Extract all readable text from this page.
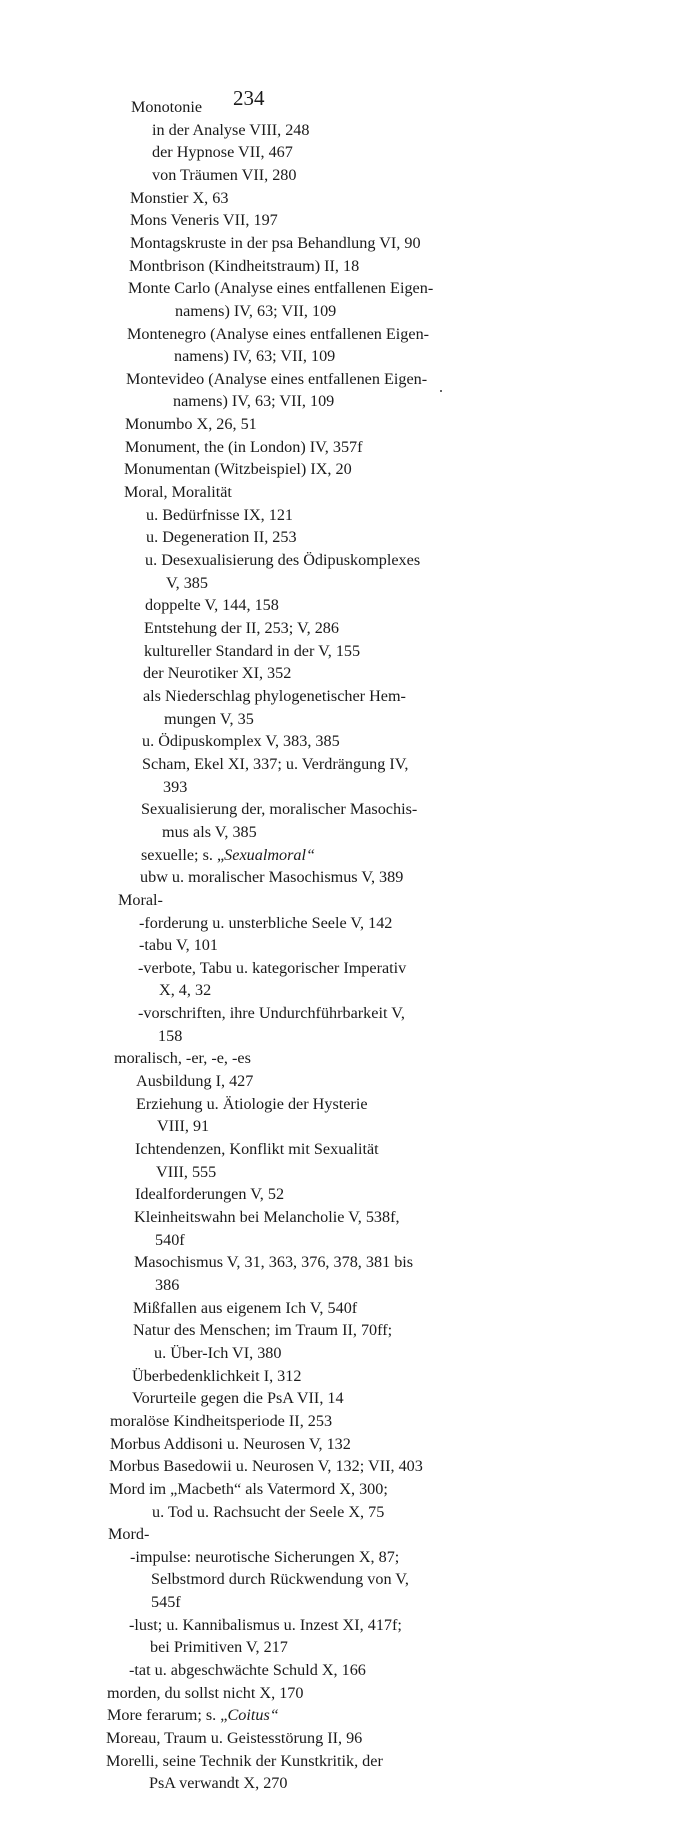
234
Monotonie
in der Analyse VIII, 248
der Hypnose VII, 467
von Träumen VII, 280
Monstier X, 63
Mons Veneris VII, 197
Montagskruste in der psa Behandlung VI, 90
Montbrison (Kindheitstraum) II, 18
Monte Carlo (Analyse eines entfallenen Eigen-
namens) IV, 63; VII, 109
Montenegro (Analyse eines entfallenen Eigen-
namens) IV, 63; VII, 109
Montevideo (Analyse eines entfallenen Eigen-
namens) IV, 63; VII, 109
Monumbo X, 26, 51
Monument, the (in London) IV, 357f
Monumentan (Witzbeispiel) IX, 20
Moral, Moralität
u. Bedürfnisse IX, 121
u. Degeneration II, 253
u. Desexualisierung des Ödipuskomplexes
V, 385
doppelte V, 144, 158
Entstehung der II, 253; V, 286
kultureller Standard in der V, 155
der Neurotiker XI, 352
als Niederschlag phylogenetischer Hem-
mungen V, 35
u. Ödipuskomplex V, 383, 385
Scham, Ekel XI, 337; u. Verdrängung IV,
393
Sexualisierung der, moralischer Masochis-
mus als V, 385
sexuelle; s. „Sexualmoral“
ubw u. moralischer Masochismus V, 389
Moral-
-forderung u. unsterbliche Seele V, 142
-tabu V, 101
-verbote, Tabu u. kategorischer Imperativ
X, 4, 32
-vorschriften, ihre Undurchführbarkeit V,
158
moralisch, -er, -e, -es
Ausbildung I, 427
Erziehung u. Ätiologie der Hysterie
VIII, 91
Ichtendenzen, Konflikt mit Sexualität
VIII, 555
Idealforderungen V, 52
Kleinheitswahn bei Melancholie V, 538f,
540f
Masochismus V, 31, 363, 376, 378, 381 bis
386
Mißfallen aus eigenem Ich V, 540f
Natur des Menschen; im Traum II, 70ff;
u. Über-Ich VI, 380
Überbedenklichkeit I, 312
Vorurteile gegen die PsA VII, 14
moralöse Kindheitsperiode II, 253
Morbus Addisoni u. Neurosen V, 132
Morbus Basedowii u. Neurosen V, 132; VII, 403
Mord im „Macbeth“ als Vatermord X, 300;
u. Tod u. Rachsucht der Seele X, 75
Mord-
-impulse: neurotische Sicherungen X, 87;
Selbstmord durch Rückwendung von V,
545f
-lust; u. Kannibalismus u. Inzest XI, 417f;
bei Primitiven V, 217
-tat u. abgeschwächte Schuld X, 166
morden, du sollst nicht X, 170
More ferarum; s. „Coitus“
Moreau, Traum u. Geistesstörung II, 96
Morelli, seine Technik der Kunstkritik, der
PsA verwandt X, 270
